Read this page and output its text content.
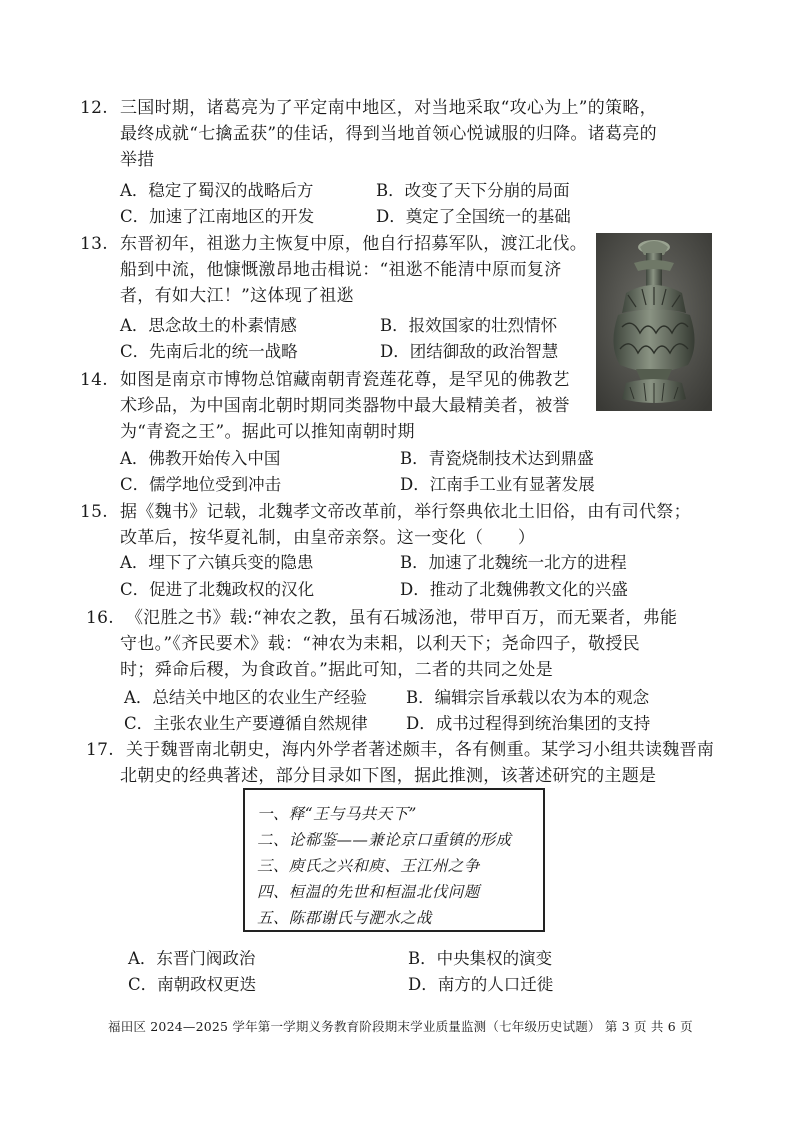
12. 三国时期，诸葛亮为了平定南中地区，对当地采取“攻心为上”的策略，
最终成就“七擒孟获”的佳话，得到当地首领心悦诚服的归降。诸葛亮的
举措
A．稳定了蜀汉的战略后方	B．改变了天下分崩的局面
C．加速了江南地区的开发	D．奠定了全国统一的基础
13. 东晋初年，祖逖力主恢复中原，他自行招募军队，渡江北伐。
船到中流，他慷慨激昂地击楫说：“祖逖不能清中原而复济
者，有如大江！”这体现了祖逖
A．思念故土的朴素情感	B．报效国家的壮烈情怀
C．先南后北的统一战略	D．团结御敌的政治智慧
14. 如图是南京市博物总馆藏南朝青瓷莲花尊，是罕见的佛教艺
术珍品，为中国南北朝时期同类器物中最大最精美者，被誉
为“青瓷之王”。据此可以推知南朝时期
A．佛教开始传入中国	B．青瓷烧制技术达到鼎盛
C．儒学地位受到冲击	D．江南手工业有显著发展
15. 据《魏书》记载，北魏孝文帝改革前，举行祭典依北土旧俗，由有司代祭；
改革后，按华夏礼制，由皇帝亲祭。这一变化（　　）
A．埋下了六镇兵变的隐患	B．加速了北魏统一北方的进程
C．促进了北魏政权的汉化	D．推动了北魏佛教文化的兴盛
16. 《氾胜之书》载:“神农之教，虽有石城汤池，带甲百万，而无粟者，弗能
守也。”《齐民要术》载：“神农为耒耜，以利天下；尧命四子，敬授民
时；舜命后稷，为食政首。”据此可知，二者的共同之处是
A．总结关中地区的农业生产经验 B．编辑宗旨承载以农为本的观念
C．主张农业生产要遵循自然规律 D．成书过程得到统治集团的支持
17. 关于魏晋南北朝史，海内外学者著述颇丰，各有侧重。某学习小组共读魏晋南
北朝史的经典著述，部分目录如下图，据此推测，该著述研究的主题是
一、释“王与马共天下”
二、论郗鉴——兼论京口重镇的形成
三、庾氏之兴和庾、王江州之争
四、桓温的先世和桓温北伐问题
五、陈郡谢氏与淝水之战
A．东晋门阀政治	B．中央集权的演变
C．南朝政权更迭	D．南方的人口迁徙
福田区 2024—2025 学年第一学期义务教育阶段期末学业质量监测（七年级历史试题） 第 3 页 共 6 页
